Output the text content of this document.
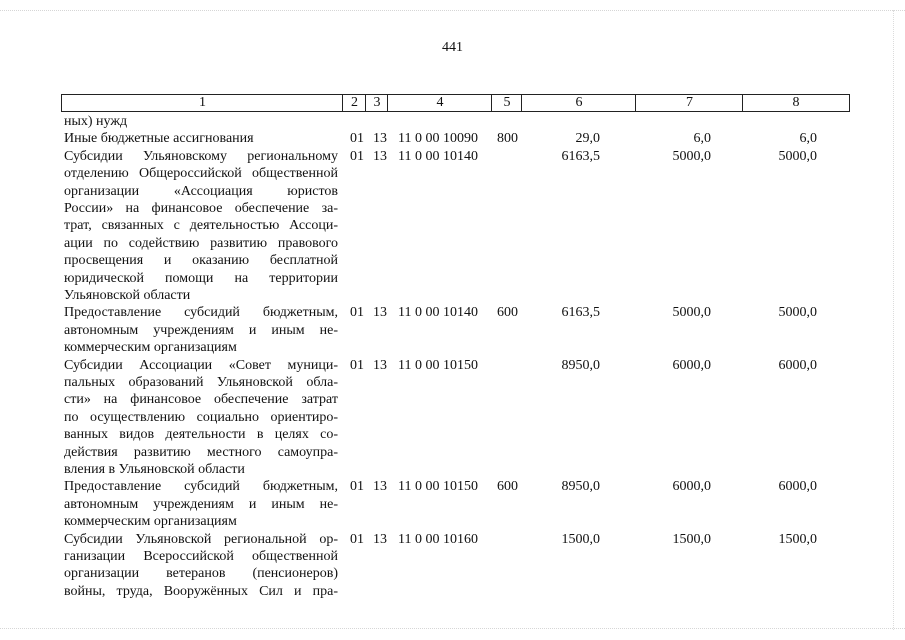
441
1	2	3	4	5	6	7	8
ных) нужд
Иные бюджетные ассигнования	01 13 11 0 00 10090 800	29,0	6,0	6,0
Субсидии Ульяновскому региональному
отделению Общероссийской общественной
организации «Ассоциация юристов
России» на финансовое обеспечение за-
трат, связанных с деятельностью Ассоци-
ации по содействию развитию правового
просвещения и оказанию бесплатной
юридической помощи на территории
Ульяновской области
01 13 11 0 00 10140	6163,5	5000,0	5000,0
Предоставление субсидий бюджетным,
автономным учреждениям и иным не-
коммерческим организациям
01 13 11 0 00 10140 600	6163,5	5000,0	5000,0
Субсидии Ассоциации «Совет муници-
пальных образований Ульяновской обла-
сти» на финансовое обеспечение затрат
по осуществлению социально ориентиро-
ванных видов деятельности в целях со-
действия развитию местного самоупра-
вления в Ульяновской области
01 13 11 0 00 10150	8950,0	6000,0	6000,0
Предоставление субсидий бюджетным,
автономным учреждениям и иным не-
коммерческим организациям
01 13 11 0 00 10150 600	8950,0	6000,0	6000,0
Субсидии Ульяновской региональной ор-
ганизации Всероссийской общественной
организации ветеранов (пенсионеров)
войны, труда, Вооружённых Сил и пра-
01 13 11 0 00 10160	1500,0	1500,0	1500,0
